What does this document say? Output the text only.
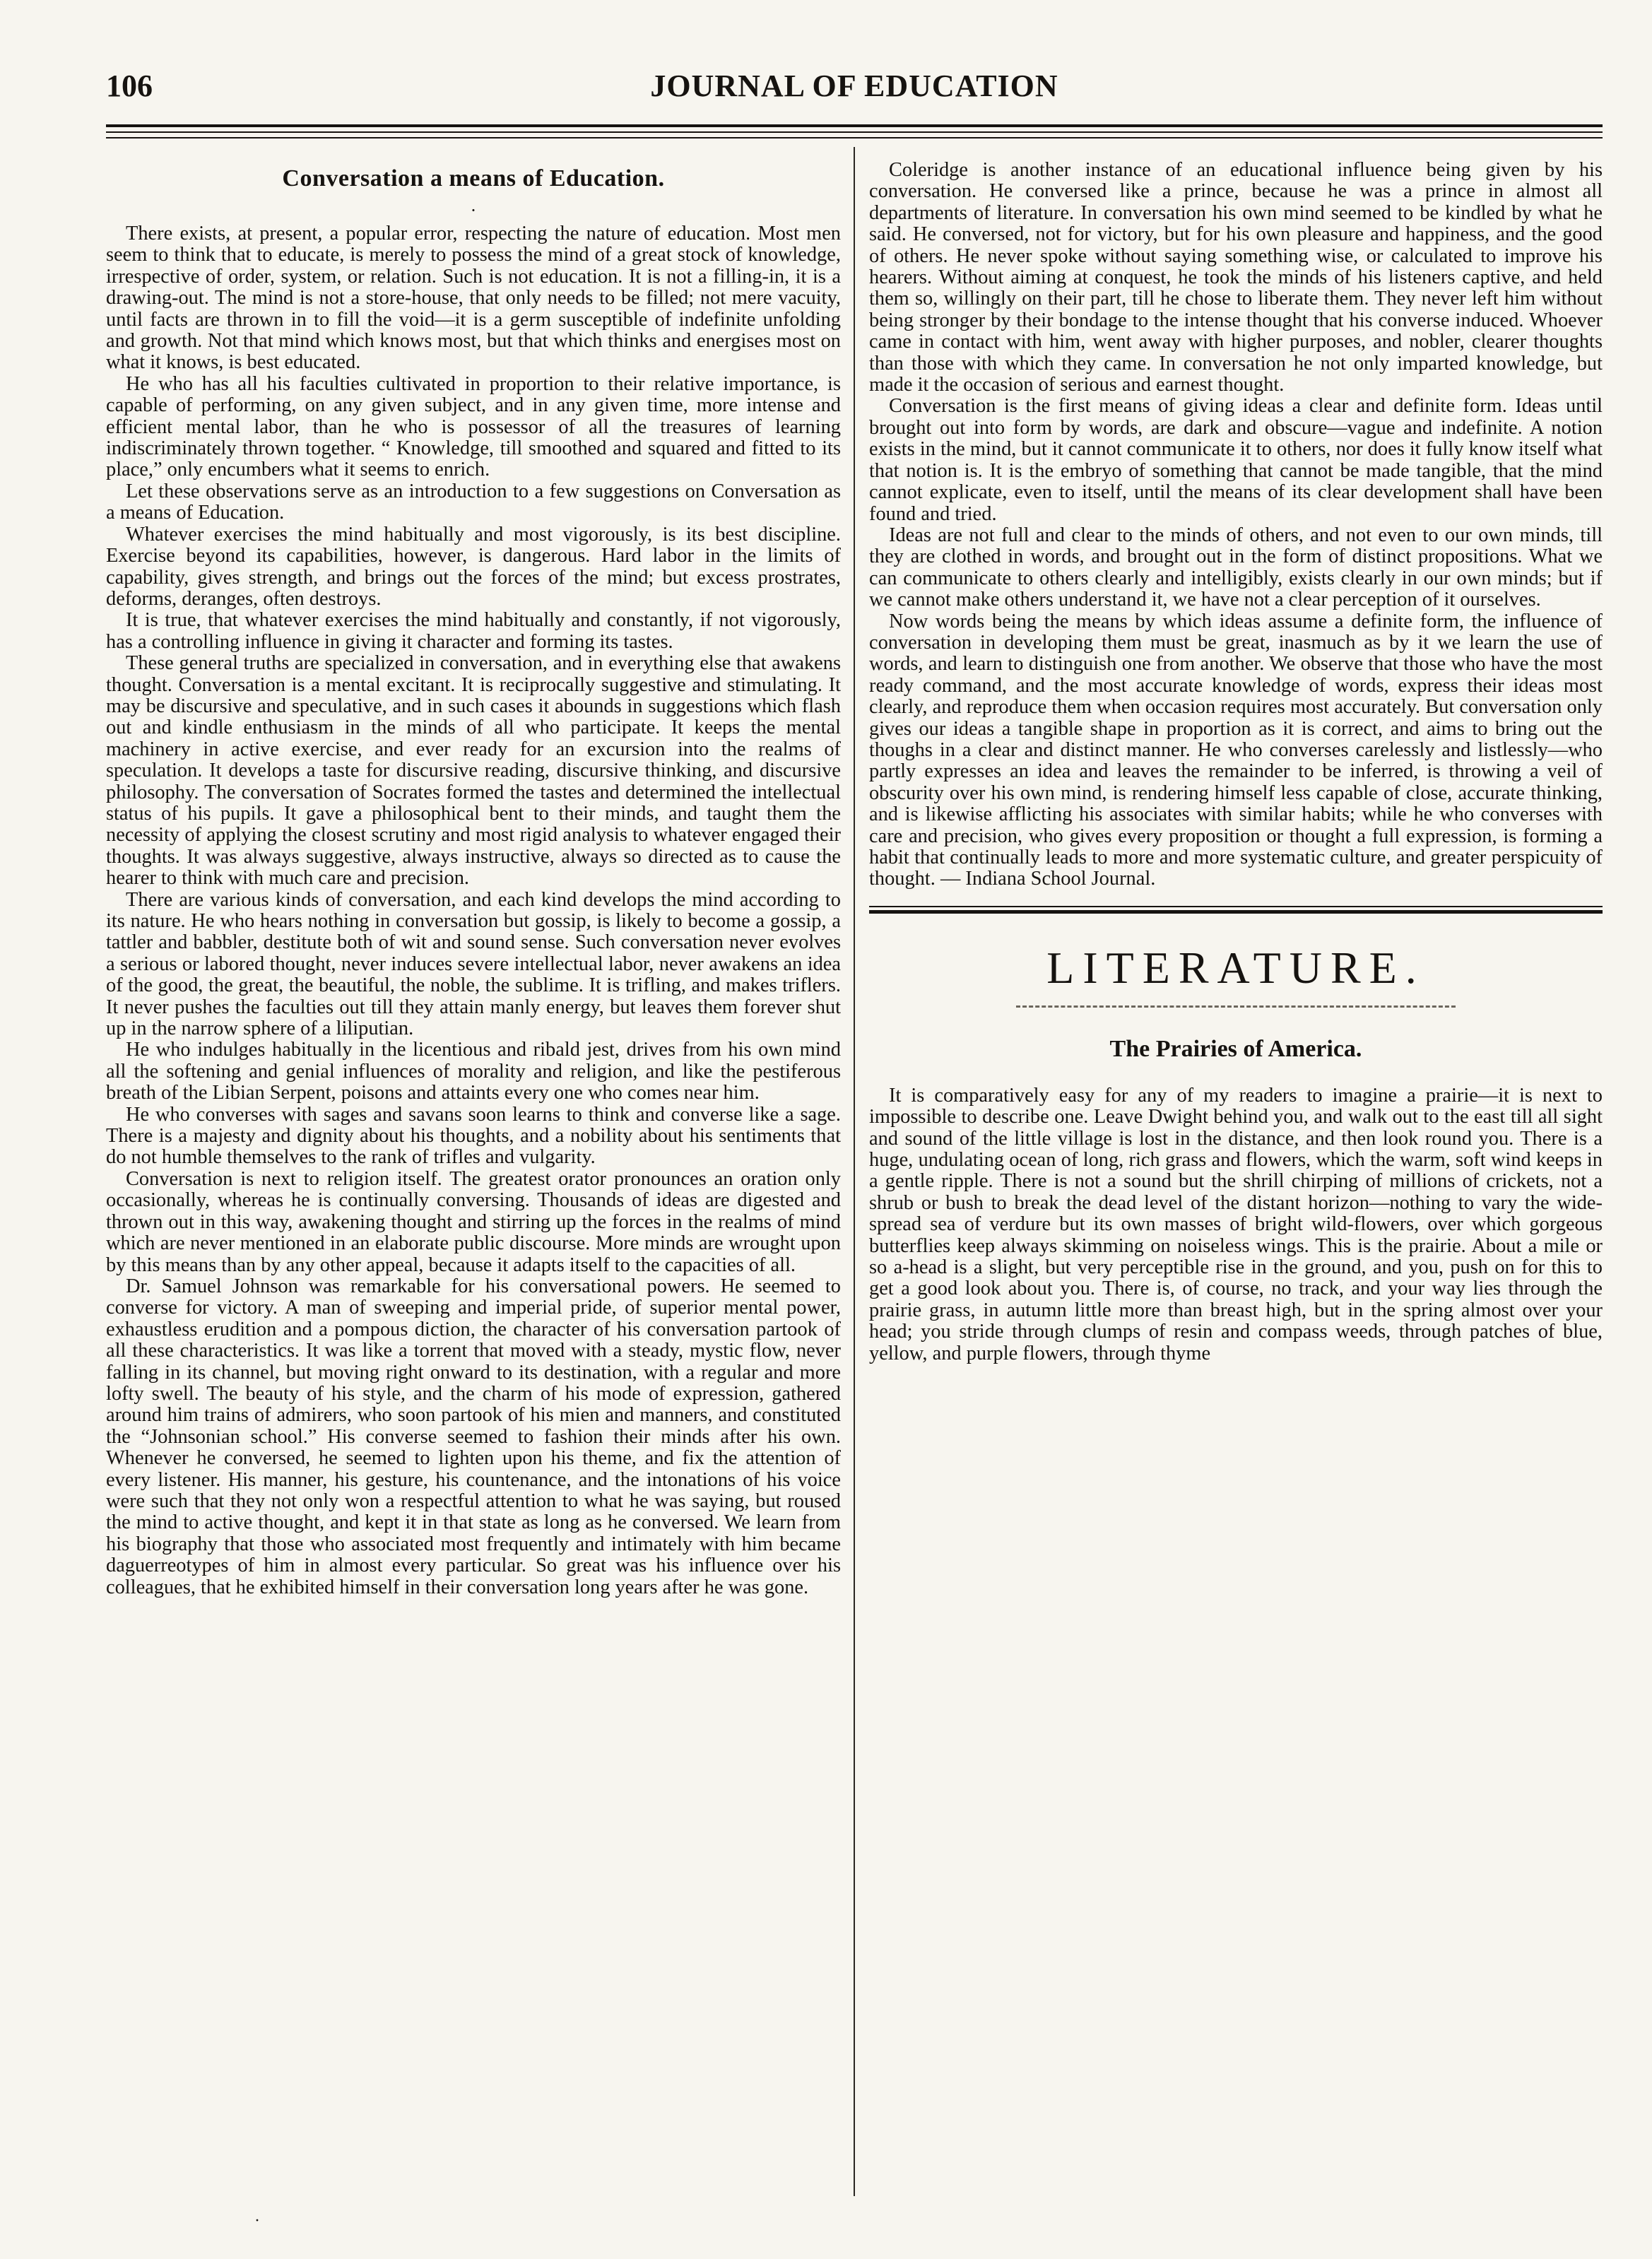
106	JOURNAL OF EDUCATION
Conversation a means of Education.
·

There exists, at present, a popular error, respecting the nature of education. Most men seem to think that to educate, is merely to possess the mind of a great stock of knowledge, irrespective of order, system, or relation. Such is not education. It is not a filling-in, it is a drawing-out. The mind is not a store-house, that only needs to be filled; not mere vacuity, until facts are thrown in to fill the void—it is a germ susceptible of indefinite unfolding and growth. Not that mind which knows most, but that which thinks and energises most on what it knows, is best educated.

He who has all his faculties cultivated in proportion to their relative importance, is capable of performing, on any given subject, and in any given time, more intense and efficient mental labor, than he who is possessor of all the treasures of learning indiscriminately thrown together. “ Knowledge, till smoothed and squared and fitted to its place,” only encumbers what it seems to enrich.

Let these observations serve as an introduction to a few suggestions on Conversation as a means of Education.

Whatever exercises the mind habitually and most vigorously, is its best discipline. Exercise beyond its capabilities, however, is dangerous. Hard labor in the limits of capability, gives strength, and brings out the forces of the mind; but excess prostrates, deforms, deranges, often destroys.

It is true, that whatever exercises the mind habitually and constantly, if not vigorously, has a controlling influence in giving it character and forming its tastes.

These general truths are specialized in conversation, and in everything else that awakens thought. Conversation is a mental excitant. It is reciprocally suggestive and stimulating. It may be discursive and speculative, and in such cases it abounds in suggestions which flash out and kindle enthusiasm in the minds of all who participate. It keeps the mental machinery in active exercise, and ever ready for an excursion into the realms of speculation. It develops a taste for discursive reading, discursive thinking, and discursive philosophy. The conversation of Socrates formed the tastes and determined the intellectual status of his pupils. It gave a philosophical bent to their minds, and taught them the necessity of applying the closest scrutiny and most rigid analysis to whatever engaged their thoughts. It was always suggestive, always instructive, always so directed as to cause the hearer to think with much care and precision.

There are various kinds of conversation, and each kind develops the mind according to its nature. He who hears nothing in conversation but gossip, is likely to become a gossip, a tattler and babbler, destitute both of wit and sound sense. Such conversation never evolves a serious or labored thought, never induces severe intellectual labor, never awakens an idea of the good, the great, the beautiful, the noble, the sublime. It is trifling, and makes triflers. It never pushes the faculties out till they attain manly energy, but leaves them forever shut up in the narrow sphere of a liliputian.

He who indulges habitually in the licentious and ribald jest, drives from his own mind all the softening and genial influences of morality and religion, and like the pestiferous breath of the Libian Serpent, poisons and attaints every one who comes near him.

He who converses with sages and savans soon learns to think and converse like a sage. There is a majesty and dignity about his thoughts, and a nobility about his sentiments that do not humble themselves to the rank of trifles and vulgarity.

Conversation is next to religion itself. The greatest orator pronounces an oration only occasionally, whereas he is continually conversing. Thousands of ideas are digested and thrown out in this way, awakening thought and stirring up the forces in the realms of mind which are never mentioned in an elaborate public discourse. More minds are wrought upon by this means than by any other appeal, because it adapts itself to the capacities of all.

Dr. Samuel Johnson was remarkable for his conversational powers. He seemed to converse for victory. A man of sweeping and imperial pride, of superior mental power, exhaustless erudition and a pompous diction, the character of his conversation partook of all these characteristics. It was like a torrent that moved with a steady, mystic flow, never falling in its channel, but moving right onward to its destination, with a regular and more lofty swell. The beauty of his style, and the charm of his mode of expression, gathered around him trains of admirers, who soon partook of his mien and manners, and constituted the “Johnsonian school.” His converse seemed to fashion their minds after his own. Whenever he conversed, he seemed to lighten upon his theme, and fix the attention of every listener. His manner, his gesture, his countenance, and the intonations of his voice were such that they not only won a respectful attention to what he was saying, but roused the mind to active thought, and kept it in that state as long as he conversed. We learn from his biography that those who associated most frequently and intimately with him became daguerreotypes of him in almost every particular. So great was his influence over his colleagues, that he exhibited himself in their conversation long years after he was gone.

Coleridge is another instance of an educational influence being given by his conversation. He conversed like a prince, because he was a prince in almost all departments of literature. In conversation his own mind seemed to be kindled by what he said. He conversed, not for victory, but for his own pleasure and happiness, and the good of others. He never spoke without saying something wise, or calculated to improve his hearers. Without aiming at conquest, he took the minds of his listeners captive, and held them so, willingly on their part, till he chose to liberate them. They never left him without being stronger by their bondage to the intense thought that his converse induced. Whoever came in contact with him, went away with higher purposes, and nobler, clearer thoughts than those with which they came. In conversation he not only imparted knowledge, but made it the occasion of serious and earnest thought.

Conversation is the first means of giving ideas a clear and definite form. Ideas until brought out into form by words, are dark and obscure—vague and indefinite. A notion exists in the mind, but it cannot communicate it to others, nor does it fully know itself what that notion is. It is the embryo of something that cannot be made tangible, that the mind cannot explicate, even to itself, until the means of its clear development shall have been found and tried.

Ideas are not full and clear to the minds of others, and not even to our own minds, till they are clothed in words, and brought out in the form of distinct propositions. What we can communicate to others clearly and intelligibly, exists clearly in our own minds; but if we cannot make others understand it, we have not a clear perception of it ourselves.

Now words being the means by which ideas assume a definite form, the influence of conversation in developing them must be great, inasmuch as by it we learn the use of words, and learn to distinguish one from another. We observe that those who have the most ready command, and the most accurate knowledge of words, express their ideas most clearly, and reproduce them when occasion requires most accurately. But conversation only gives our ideas a tangible shape in proportion as it is correct, and aims to bring out the thoughs in a clear and distinct manner. He who converses carelessly and listlessly—who partly expresses an idea and leaves the remainder to be inferred, is throwing a veil of obscurity over his own mind, is rendering himself less capable of close, accurate thinking, and is likewise afflicting his associates with similar habits; while he who converses with care and precision, who gives every proposition or thought a full expression, is forming a habit that continually leads to more and more systematic culture, and greater perspicuity of thought. — Indiana School Journal.

LITERATURE.
The Prairies of America.

It is comparatively easy for any of my readers to imagine a prairie—it is next to impossible to describe one. Leave Dwight behind you, and walk out to the east till all sight and sound of the little village is lost in the distance, and then look round you. There is a huge, undulating ocean of long, rich grass and flowers, which the warm, soft wind keeps in a gentle ripple. There is not a sound but the shrill chirping of millions of crickets, not a shrub or bush to break the dead level of the distant horizon—nothing to vary the wide-spread sea of verdure but its own masses of bright wild-flowers, over which gorgeous butterflies keep always skimming on noiseless wings. This is the prairie. About a mile or so a-head is a slight, but very perceptible rise in the ground, and you, push on for this to get a good look about you. There is, of course, no track, and your way lies through the prairie grass, in autumn little more than breast high, but in the spring almost over your head; you stride through clumps of resin and compass weeds, through patches of blue, yellow, and purple flowers, through thyme

·
